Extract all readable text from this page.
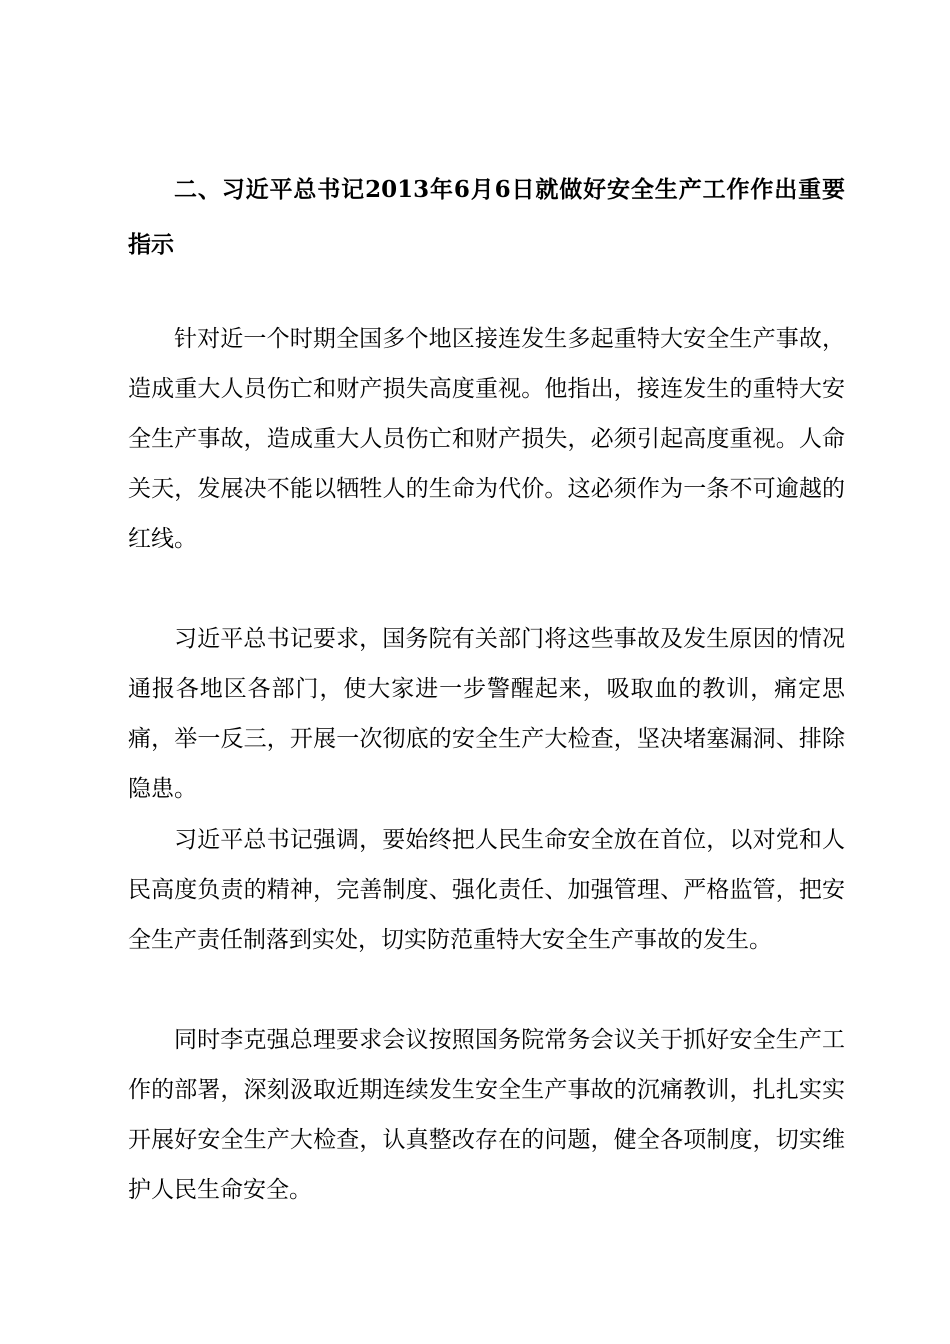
二、习近平总书记2013年6月6日就做好安全生产工作作出重要指示

针对近一个时期全国多个地区接连发生多起重特大安全生产事故，造成重大人员伤亡和财产损失高度重视。他指出，接连发生的重特大安全生产事故，造成重大人员伤亡和财产损失，必须引起高度重视。人命关天，发展决不能以牺牲人的生命为代价。这必须作为一条不可逾越的红线。

习近平总书记要求，国务院有关部门将这些事故及发生原因的情况通报各地区各部门，使大家进一步警醒起来，吸取血的教训，痛定思痛，举一反三，开展一次彻底的安全生产大检查，坚决堵塞漏洞、排除隐患。

习近平总书记强调，要始终把人民生命安全放在首位，以对党和人民高度负责的精神，完善制度、强化责任、加强管理、严格监管，把安全生产责任制落到实处，切实防范重特大安全生产事故的发生。

同时李克强总理要求会议按照国务院常务会议关于抓好安全生产工作的部署，深刻汲取近期连续发生安全生产事故的沉痛教训，扎扎实实开展好安全生产大检查，认真整改存在的问题，健全各项制度，切实维护人民生命安全。
